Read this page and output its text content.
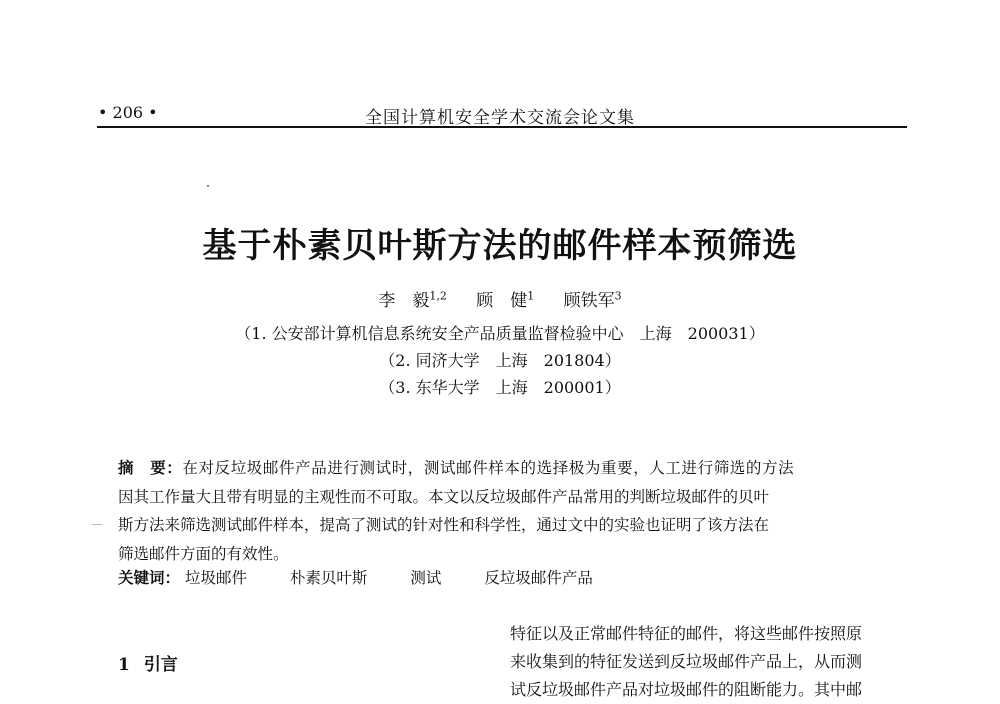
• 206 •	全国计算机安全学术交流会论文集
基于朴素贝叶斯方法的邮件样本预筛选
李　毅$^{1,2}$ 顾　健$^1$ 顾铁军$^3$
（1. 公安部计算机信息系统安全产品质量监督检验中心　上海　200031）
（2. 同济大学　上海　201804）
（3. 东华大学　上海　200001）
摘　要：在对反垃圾邮件产品进行测试时，测试邮件样本的选择极为重要，人工进行筛选的方法
因其工作量大且带有明显的主观性而不可取。本文以反垃圾邮件产品常用的判断垃圾邮件的贝叶
斯方法来筛选测试邮件样本，提高了测试的针对性和科学性，通过文中的实验也证明了该方法在
筛选邮件方面的有效性。
关键词： 垃圾邮件	朴素贝叶斯	测试	反垃圾邮件产品
1 引言
特征以及正常邮件特征的邮件，将这些邮件按照原
来收集到的特征发送到反垃圾邮件产品上，从而测
试反垃圾邮件产品对垃圾邮件的阻断能力。其中邮
